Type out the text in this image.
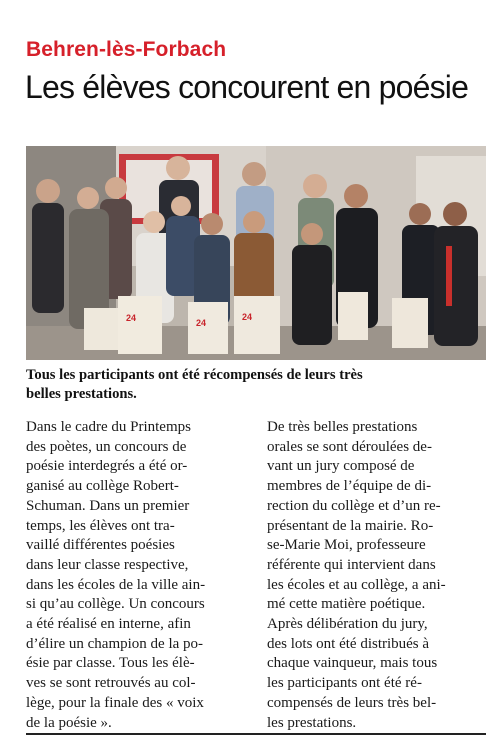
Behren-lès-Forbach
Les élèves concourent en poésie
24	24
24
Tous les participants ont été récompensés de leurs très
belles prestations.
Dans le cadre du Printemps
des poètes, un concours de
poésie interdegrés a été or-
ganisé au collège Robert-
Schuman. Dans un premier
temps, les élèves ont tra-
vaillé différentes poésies
dans leur classe respective,
dans les écoles de la ville ain-
si qu’au collège. Un concours
a été réalisé en interne, afin
d’élire un champion de la po-
ésie par classe. Tous les élè-
ves se sont retrouvés au col-
lège, pour la finale des « voix
de la poésie ».
De très belles prestations
orales se sont déroulées de-
vant un jury composé de
membres de l’équipe de di-
rection du collège et d’un re-
présentant de la mairie. Ro-
se-Marie Moi, professeure
référente qui intervient dans
les écoles et au collège, a ani-
mé cette matière poétique.
Après délibération du jury,
des lots ont été distribués à
chaque vainqueur, mais tous
les participants ont été ré-
compensés de leurs très bel-
les prestations.
